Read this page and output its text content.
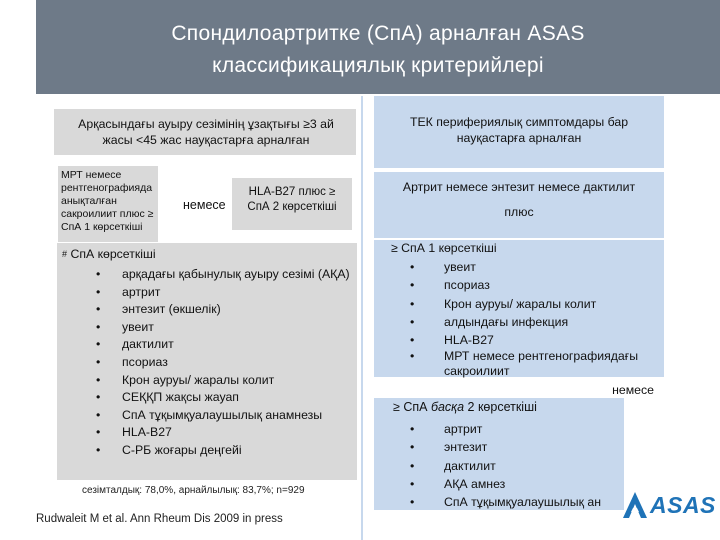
Спондилоартритке (СпА) арналған ASAS
классификациялық критерийлері
Арқасындағы ауыру сезімінің ұзақтығы ≥3 ай жасы <45 жас науқастарға арналған
МРТ немесе рентгенографияда анықталған сакроилиит плюс ≥ СпА 1 көрсеткіші
немесе
HLA-B27 плюс ≥ СпА 2 көрсеткіші
# СпА көрсеткіші
• арқадағы қабынулық ауыру сезімі (АҚА)
• артрит
• энтезит (өкшелік)
• увеит
• дактилит
• псориаз
• Крон ауруы/ жаралы колит
• СЕҚҚП жақсы жауап
• СпА тұқымқуалаушылық анамнезы
• HLA-B27
• С-РБ жоғары деңгейі
сезімталдық: 78,0%, арнайлылық: 83,7%; n=929
Rudwaleit M et al. Ann Rheum Dis 2009 in press
ТЕК перифериялық симптомдары бар науқастарға арналған
Артрит немесе энтезит немесе дактилит
плюс
≥ СпА 1 көрсеткіші
• увеит
• псориаз
• Крон ауруы/ жаралы колит
• алдындағы инфекция
• HLA-B27
• МРТ немесе рентгенографиядағы сакроилиит
немесе
≥ СпА басқа 2 көрсеткіші
• артрит
• энтезит
• дактилит
• АҚА амнез
• СпА тұқымқуалаушылық ан	ASAS
